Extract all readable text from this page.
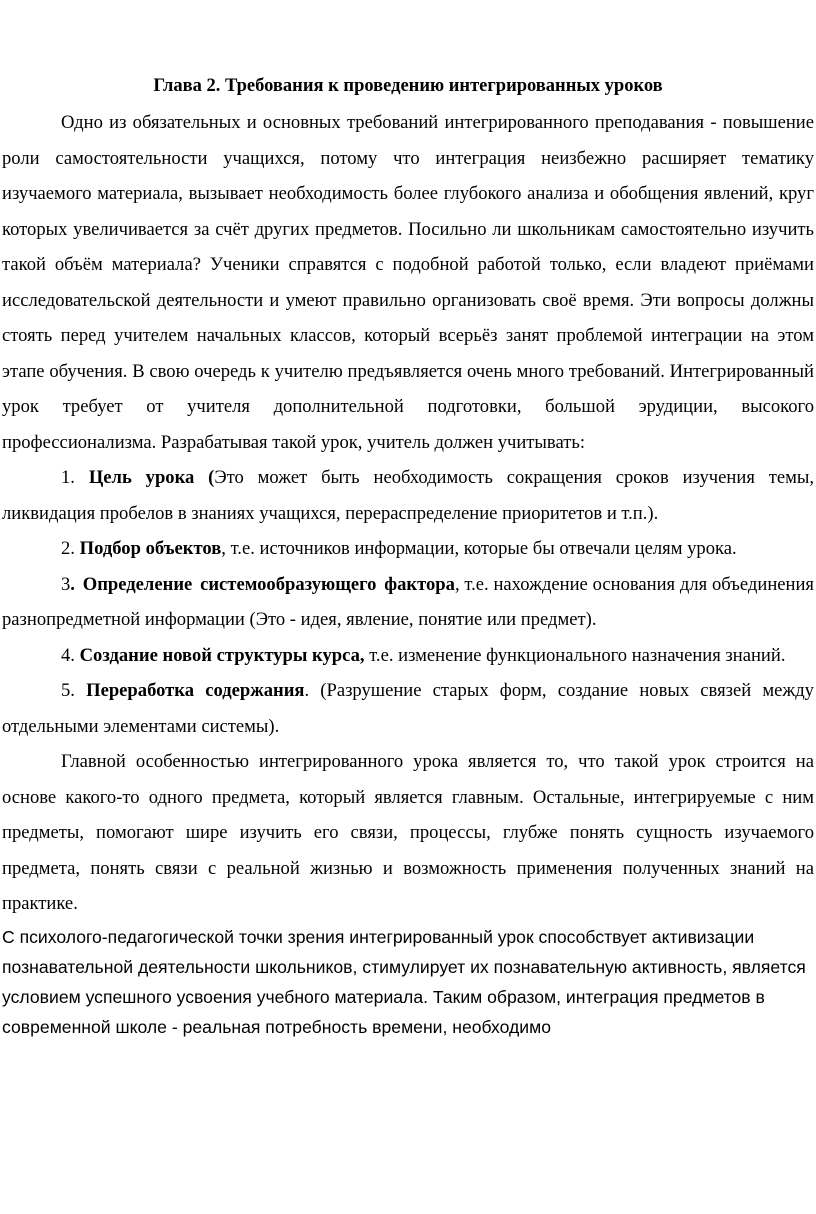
Глава 2. Требования к проведению интегрированных уроков

Одно из обязательных и основных требований интегрированного преподавания - повышение роли самостоятельности учащихся, потому что интеграция неизбежно расширяет тематику изучаемого материала, вызывает необходимость более глубокого анализа и обобщения явлений, круг которых увеличивается за счёт других предметов. Посильно ли школьникам самостоятельно изучить такой объём материала? Ученики справятся с подобной работой только, если владеют приёмами исследовательской деятельности и умеют правильно организовать своё время. Эти вопросы должны стоять перед учителем начальных классов, который всерьёз занят проблемой интеграции на этом этапе обучения. В свою очередь к учителю предъявляется очень много требований. Интегрированный урок требует от учителя дополнительной подготовки, большой эрудиции, высокого профессионализма. Разрабатывая такой урок, учитель должен учитывать:

1. Цель урока (Это может быть необходимость сокращения сроков изучения темы, ликвидация пробелов в знаниях учащихся, перераспределение приоритетов и т.п.).
2. Подбор объектов, т.е. источников информации, которые бы отвечали целям урока.
3. Определение системообразующего фактора, т.е. нахождение основания для объединения разнопредметной информации (Это - идея, явление, понятие или предмет).
4. Создание новой структуры курса, т.е. изменение функционального назначения знаний.
5. Переработка содержания. (Разрушение старых форм, создание новых связей между отдельными элементами системы).

Главной особенностью интегрированного урока является то, что такой урок строится на основе какого-то одного предмета, который является главным. Остальные, интегрируемые с ним предметы, помогают шире изучить его связи, процессы, глубже понять сущность изучаемого предмета, понять связи с реальной жизнью и возможность применения полученных знаний на практике.

С психолого-педагогической точки зрения интегрированный урок способствует активизации познавательной деятельности школьников, стимулирует их познавательную активность, является условием успешного усвоения учебного материала. Таким образом, интеграция предметов в современной школе - реальная потребность времени, необходимо
